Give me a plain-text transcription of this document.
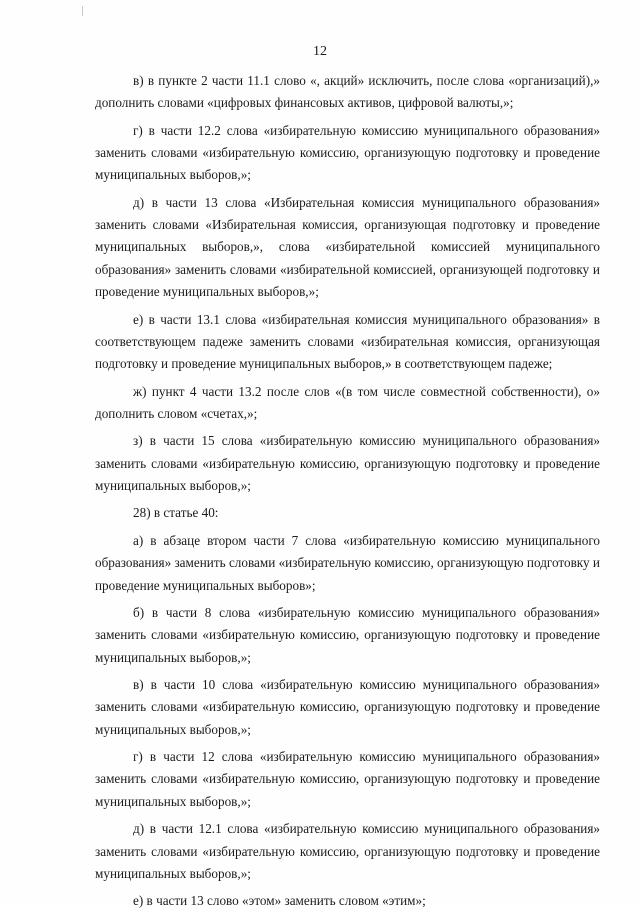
12

в) в пункте 2 части 11.1 слово «, акций» исключить, после слова «организаций),» дополнить словами «цифровых финансовых активов, цифровой валюты,»;

г) в части 12.2 слова «избирательную комиссию муниципального образования» заменить словами «избирательную комиссию, организующую подготовку и проведение муниципальных выборов,»;

д) в части 13 слова «Избирательная комиссия муниципального образования» заменить словами «Избирательная комиссия, организующая подготовку и проведение муниципальных выборов,», слова «избирательной комиссией муниципального образования» заменить словами «избирательной комиссией, организующей подготовку и проведение муниципальных выборов,»;

е) в части 13.1 слова «избирательная комиссия муниципального образования» в соответствующем падеже заменить словами «избирательная комиссия, организующая подготовку и проведение муниципальных выборов,» в соответствующем падеже;

ж) пункт 4 части 13.2 после слов «(в том числе совместной собственности), о» дополнить словом «счетах,»;

з) в части 15 слова «избирательную комиссию муниципального образования» заменить словами «избирательную комиссию, организующую подготовку и проведение муниципальных выборов,»;

28) в статье 40:

а) в абзаце втором части 7 слова «избирательную комиссию муниципального образования» заменить словами «избирательную комиссию, организующую подготовку и проведение муниципальных выборов»;

б) в части 8 слова «избирательную комиссию муниципального образования» заменить словами «избирательную комиссию, организующую подготовку и проведение муниципальных выборов,»;

в) в части 10 слова «избирательную комиссию муниципального образования» заменить словами «избирательную комиссию, организующую подготовку и проведение муниципальных выборов,»;

г) в части 12 слова «избирательную комиссию муниципального образования» заменить словами «избирательную комиссию, организующую подготовку и проведение муниципальных выборов,»;

д) в части 12.1 слова «избирательную комиссию муниципального образования» заменить словами «избирательную комиссию, организующую подготовку и проведение муниципальных выборов,»;

е) в части 13 слово «этом» заменить словом «этим»;
